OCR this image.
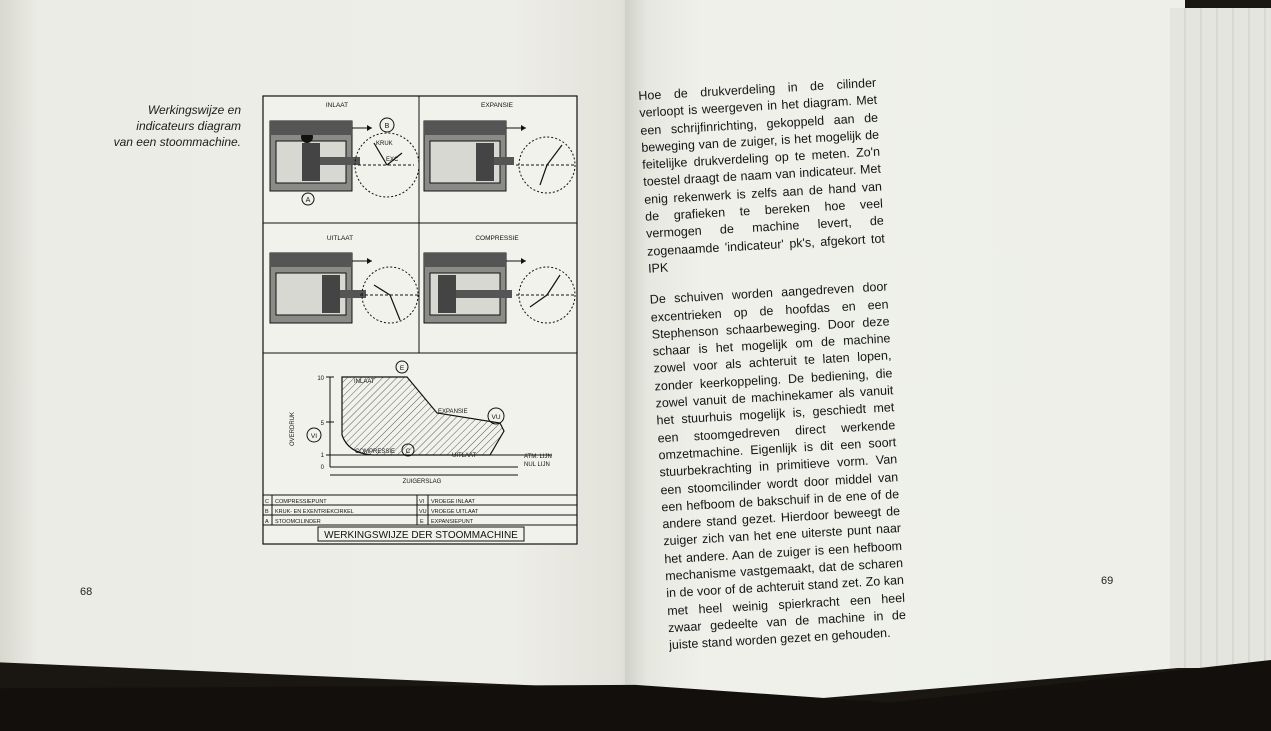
Werkingswijze en
indicateurs diagram
van een stoommachine.
INLAAT	EXPANSIE
UITLAAT	COMPRESSIE
B
KRUK
EXC
A
10
5
1
0
OVERDRUK
INLAAT
EXPANSIE
COMPRESSIE
UITLAAT	ATM. LIJN
NUL LIJN
ZUIGERSLAG
E
VU
VI
C
C COMPRESSIEPUNT	VI VROEGE INLAAT
B KRUK- EN EXENTRIEKCIRKEL	VU VROEGE UITLAAT
A STOOMCILINDER	E EXPANSIEPUNT
WERKINGSWIJZE DER STOOMMACHINE
68

Hoe de drukverdeling in de cilinder verloopt is weergeven in het diagram. Met een schrijfinrichting, gekoppeld aan de beweging van de zuiger, is het mogelijk de feitelijke drukverdeling op te meten. Zo'n toestel draagt de naam van indicateur. Met enig rekenwerk is zelfs aan de hand van de grafieken te bereken hoe veel vermogen de machine levert, de zogenaamde 'indicateur' pk's, afgekort tot IPK

De schuiven worden aangedreven door excentrieken op de hoofdas en een Stephenson schaarbeweging. Door deze schaar is het mogelijk om de machine zowel voor als achteruit te laten lopen, zonder keerkoppeling. De bediening, die zowel vanuit de machinekamer als vanuit het stuurhuis mogelijk is, geschiedt met een stoomgedreven direct werkende omzetmachine. Eigenlijk is dit een soort stuurbekrachting in primitieve vorm. Van een stoomcilinder wordt door middel van een hefboom de bakschuif in de ene of de andere stand gezet. Hierdoor beweegt de zuiger zich van het ene uiterste punt naar het andere. Aan de zuiger is een hefboom mechanisme vastgemaakt, dat de scharen in de voor of de achteruit stand zet. Zo kan met heel weinig spierkracht een heel zwaar gedeelte van de machine in de juiste stand worden gezet en gehouden.

69
